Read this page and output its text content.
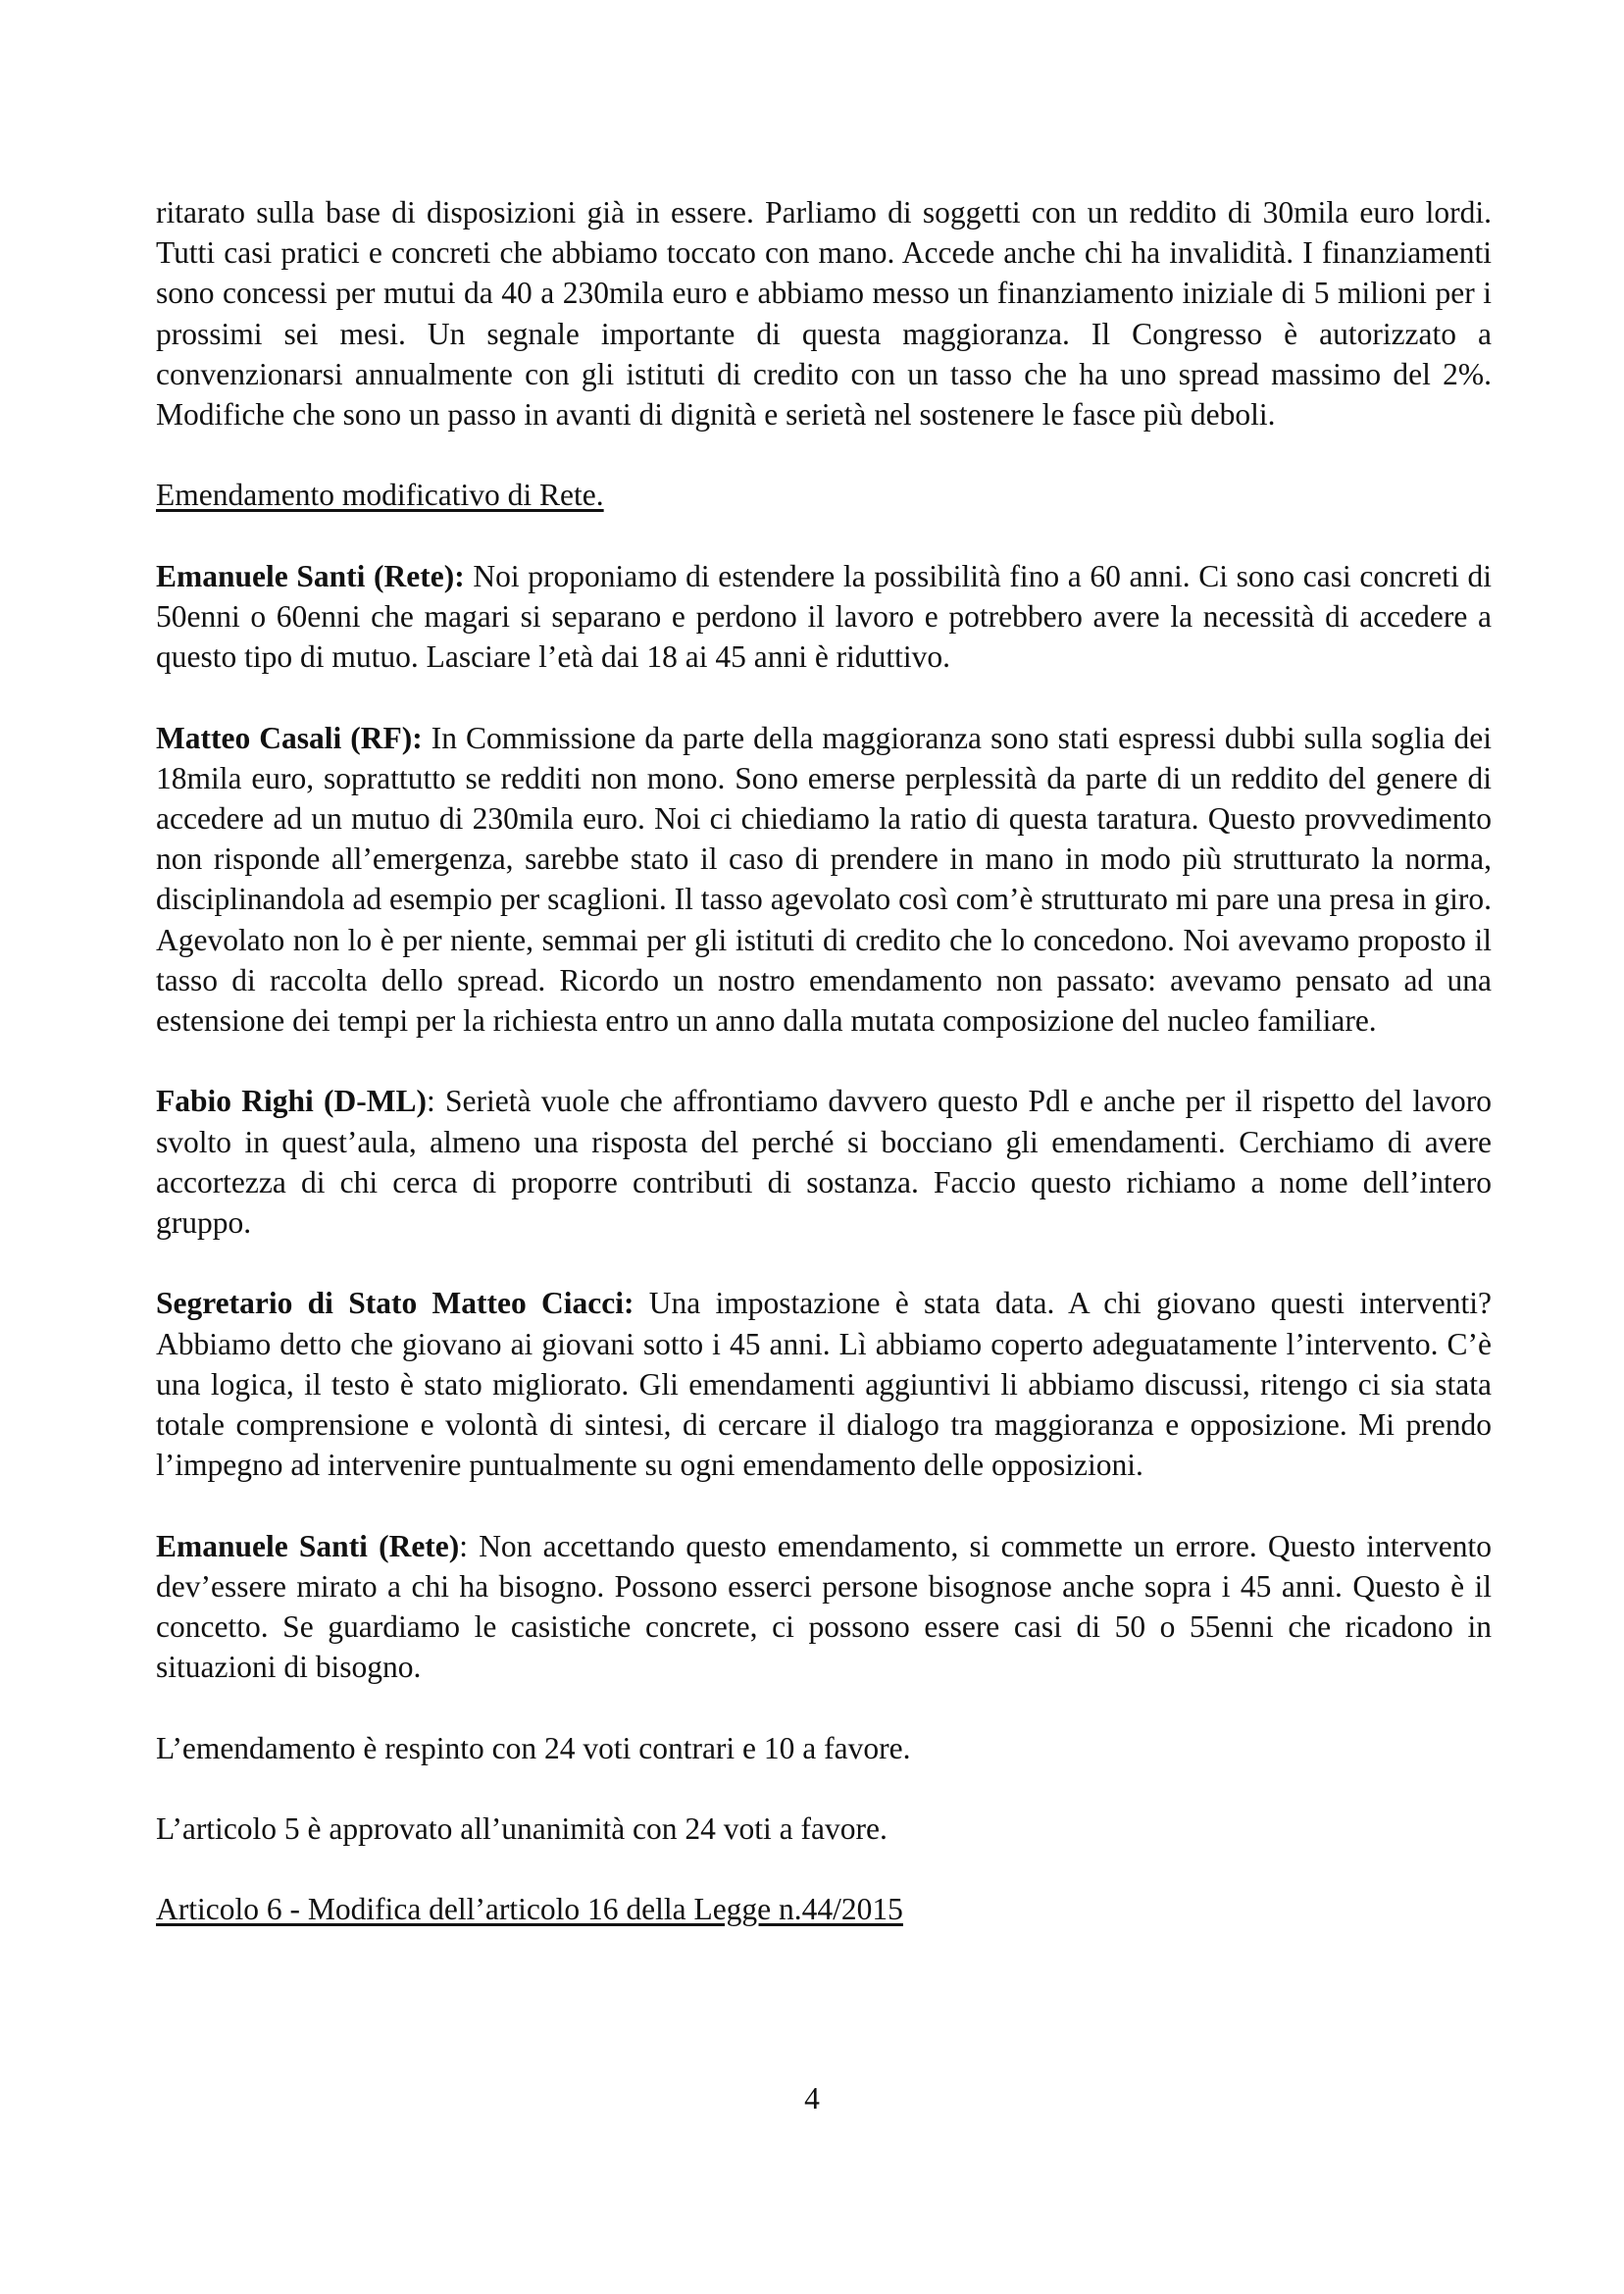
ritarato sulla base di disposizioni già in essere. Parliamo di soggetti con un reddito di 30mila euro lordi. Tutti casi pratici e concreti che abbiamo toccato con mano. Accede anche chi ha invalidità. I finanziamenti sono concessi per mutui da 40 a 230mila euro e abbiamo messo un finanziamento iniziale di 5 milioni per i prossimi sei mesi. Un segnale importante di questa maggioranza. Il Congresso è autorizzato a convenzionarsi annualmente con gli istituti di credito con un tasso che ha uno spread massimo del 2%. Modifiche che sono un passo in avanti di dignità e serietà nel sostenere le fasce più deboli.

Emendamento modificativo di Rete.

Emanuele Santi (Rete): Noi proponiamo di estendere la possibilità fino a 60 anni. Ci sono casi concreti di 50enni o 60enni che magari si separano e perdono il lavoro e potrebbero avere la necessità di accedere a questo tipo di mutuo. Lasciare l’età dai 18 ai 45 anni è riduttivo.

Matteo Casali (RF): In Commissione da parte della maggioranza sono stati espressi dubbi sulla soglia dei 18mila euro, soprattutto se redditi non mono. Sono emerse perplessità da parte di un reddito del genere di accedere ad un mutuo di 230mila euro. Noi ci chiediamo la ratio di questa taratura. Questo provvedimento non risponde all’emergenza, sarebbe stato il caso di prendere in mano in modo più strutturato la norma, disciplinandola ad esempio per scaglioni. Il tasso agevolato così com’è strutturato mi pare una presa in giro. Agevolato non lo è per niente, semmai per gli istituti di credito che lo concedono. Noi avevamo proposto il tasso di raccolta dello spread. Ricordo un nostro emendamento non passato: avevamo pensato ad una estensione dei tempi per la richiesta entro un anno dalla mutata composizione del nucleo familiare.

Fabio Righi (D-ML): Serietà vuole che affrontiamo davvero questo Pdl e anche per il rispetto del lavoro svolto in quest’aula, almeno una risposta del perché si bocciano gli emendamenti. Cerchiamo di avere accortezza di chi cerca di proporre contributi di sostanza. Faccio questo richiamo a nome dell’intero gruppo.

Segretario di Stato Matteo Ciacci: Una impostazione è stata data. A chi giovano questi interventi? Abbiamo detto che giovano ai giovani sotto i 45 anni. Lì abbiamo coperto adeguatamente l’intervento. C’è una logica, il testo è stato migliorato. Gli emendamenti aggiuntivi li abbiamo discussi, ritengo ci sia stata totale comprensione e volontà di sintesi, di cercare il dialogo tra maggioranza e opposizione. Mi prendo l’impegno ad intervenire puntualmente su ogni emendamento delle opposizioni.

Emanuele Santi (Rete): Non accettando questo emendamento, si commette un errore. Questo intervento dev’essere mirato a chi ha bisogno. Possono esserci persone bisognose anche sopra i 45 anni. Questo è il concetto. Se guardiamo le casistiche concrete, ci possono essere casi di 50 o 55enni che ricadono in situazioni di bisogno.

L’emendamento è respinto con 24 voti contrari e 10 a favore.

L’articolo 5 è approvato all’unanimità con 24 voti a favore.

Articolo 6 - Modifica dell’articolo 16 della Legge n.44/2015

4
